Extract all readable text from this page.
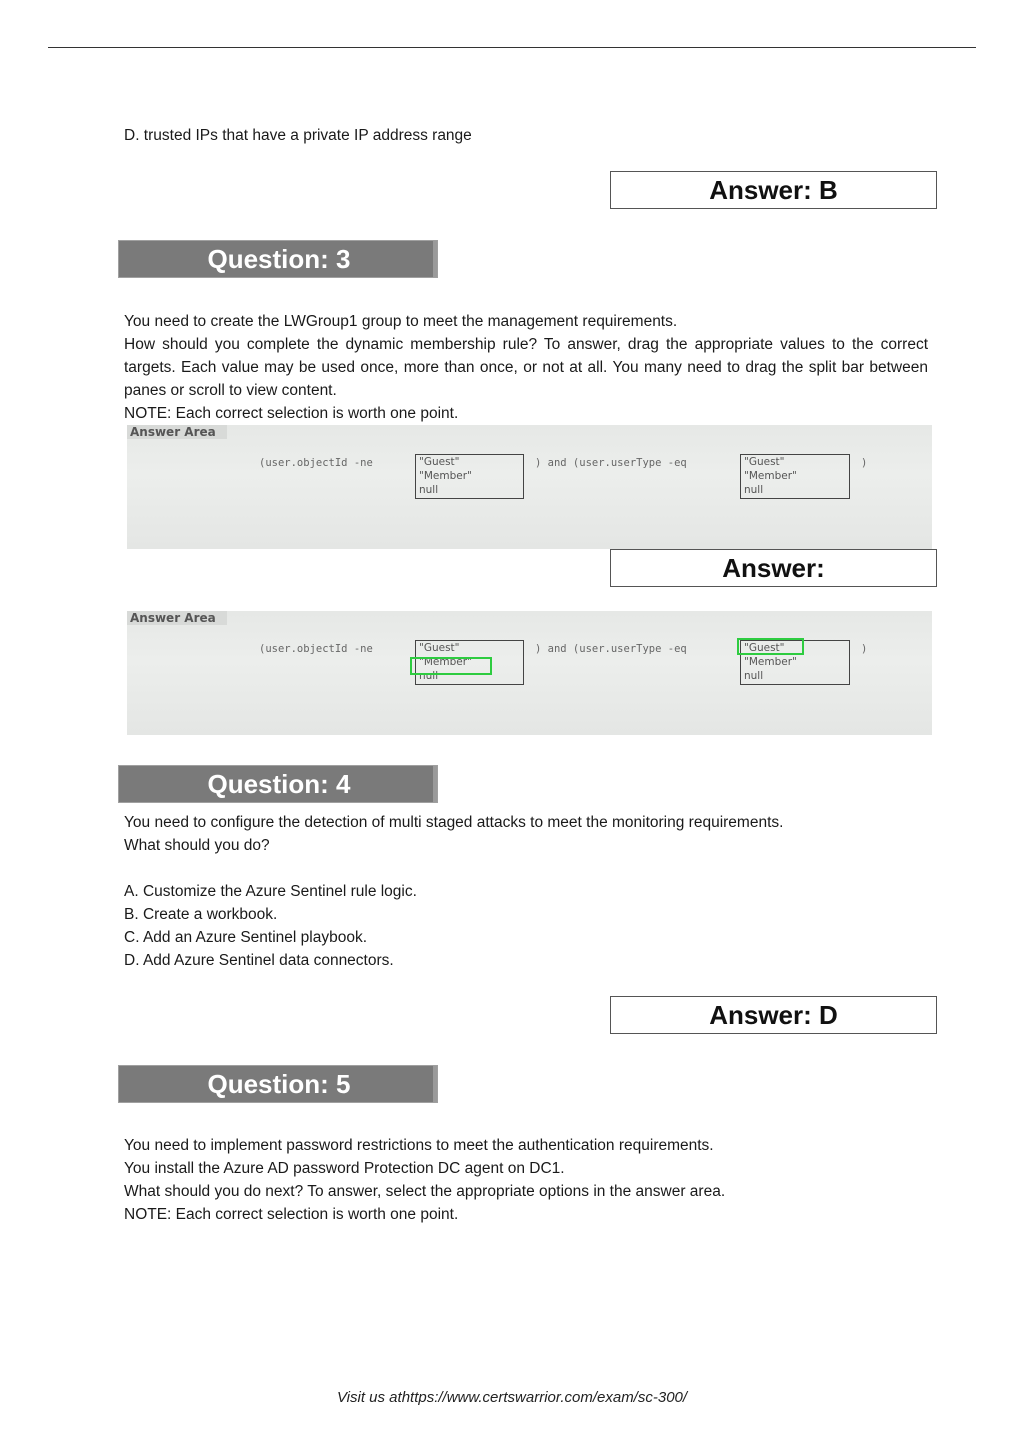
D. trusted IPs that have a private IP address range
Answer: B
Question: 3
You need to create the LWGroup1 group to meet the management requirements.
How should you complete the dynamic membership rule? To answer, drag the appropriate values to the correct targets. Each value may be used once, more than once, or not at all. You many need to drag the split bar between panes or scroll to view content.
NOTE: Each correct selection is worth one point.
Answer Area
(user.objectId -ne	"Guest"
"Member"
null
) and (user.userType -eq	"Guest"
"Member"
null
)
Answer:
Answer Area
(user.objectId -ne	"Guest"
"Member"
null
) and (user.userType -eq	"Guest"
"Member"
null
)
Question: 4
You need to configure the detection of multi staged attacks to meet the monitoring requirements.
What should you do?
A. Customize the Azure Sentinel rule logic.
B. Create a workbook.
C. Add an Azure Sentinel playbook.
D. Add Azure Sentinel data connectors.
Answer: D
Question: 5
You need to implement password restrictions to meet the authentication requirements.
You install the Azure AD password Protection DC agent on DC1.
What should you do next? To answer, select the appropriate options in the answer area.
NOTE: Each correct selection is worth one point.
Visit us athttps://www.certswarrior.com/exam/sc-300/
